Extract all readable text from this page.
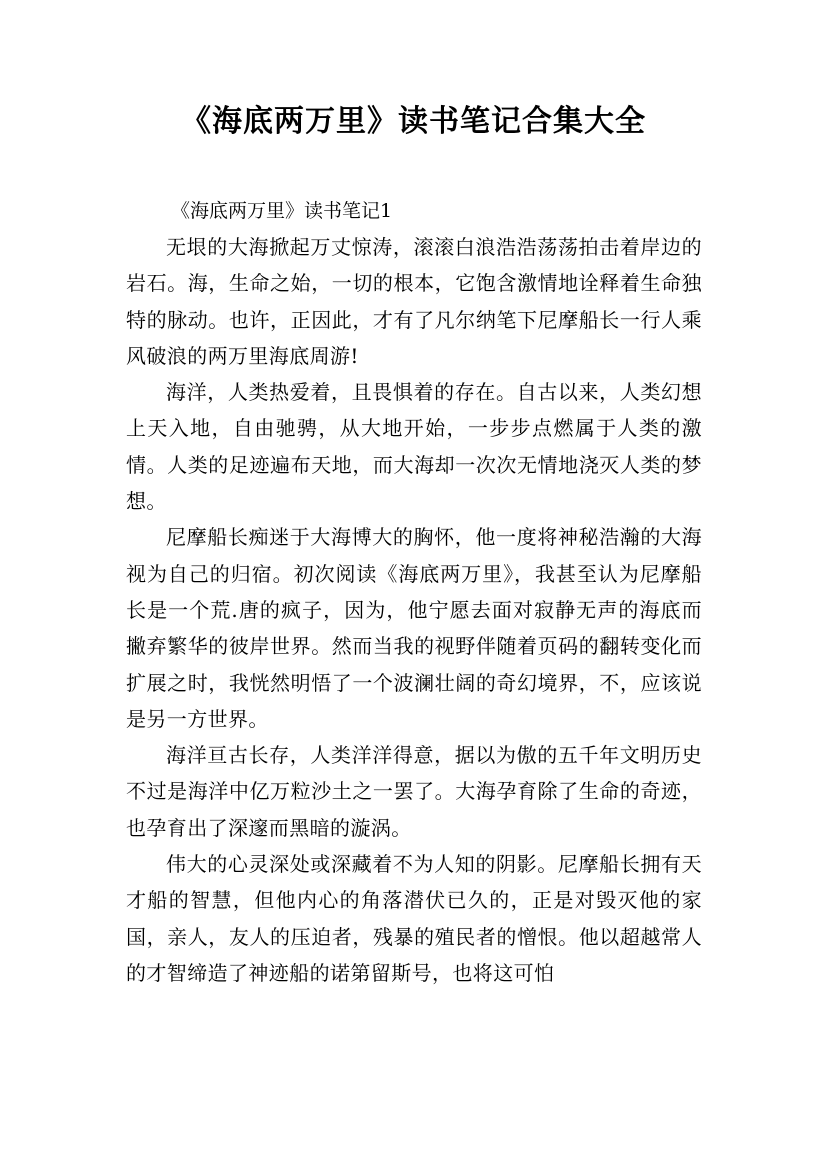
《海底两万里》读书笔记合集大全

《海底两万里》读书笔记1

无垠的大海掀起万丈惊涛，滚滚白浪浩浩荡荡拍击着岸边的岩石。海，生命之始，一切的根本，它饱含激情地诠释着生命独特的脉动。也许，正因此，才有了凡尔纳笔下尼摩船长一行人乘风破浪的两万里海底周游!

海洋，人类热爱着，且畏惧着的存在。自古以来，人类幻想上天入地，自由驰骋，从大地开始，一步步点燃属于人类的激情。人类的足迹遍布天地，而大海却一次次无情地浇灭人类的梦想。

尼摩船长痴迷于大海博大的胸怀，他一度将神秘浩瀚的大海视为自己的归宿。初次阅读《海底两万里》，我甚至认为尼摩船长是一个荒.唐的疯子，因为，他宁愿去面对寂静无声的海底而撇弃繁华的彼岸世界。然而当我的视野伴随着页码的翻转变化而扩展之时，我恍然明悟了一个波澜壮阔的奇幻境界，不，应该说是另一方世界。

海洋亘古长存，人类洋洋得意，据以为傲的五千年文明历史不过是海洋中亿万粒沙土之一罢了。大海孕育除了生命的奇迹，也孕育出了深邃而黑暗的漩涡。

伟大的心灵深处或深藏着不为人知的阴影。尼摩船长拥有天才船的智慧，但他内心的角落潜伏已久的，正是对毁灭他的家国，亲人，友人的压迫者，残暴的殖民者的憎恨。他以超越常人的才智缔造了神迹船的诺第留斯号，也将这可怕
